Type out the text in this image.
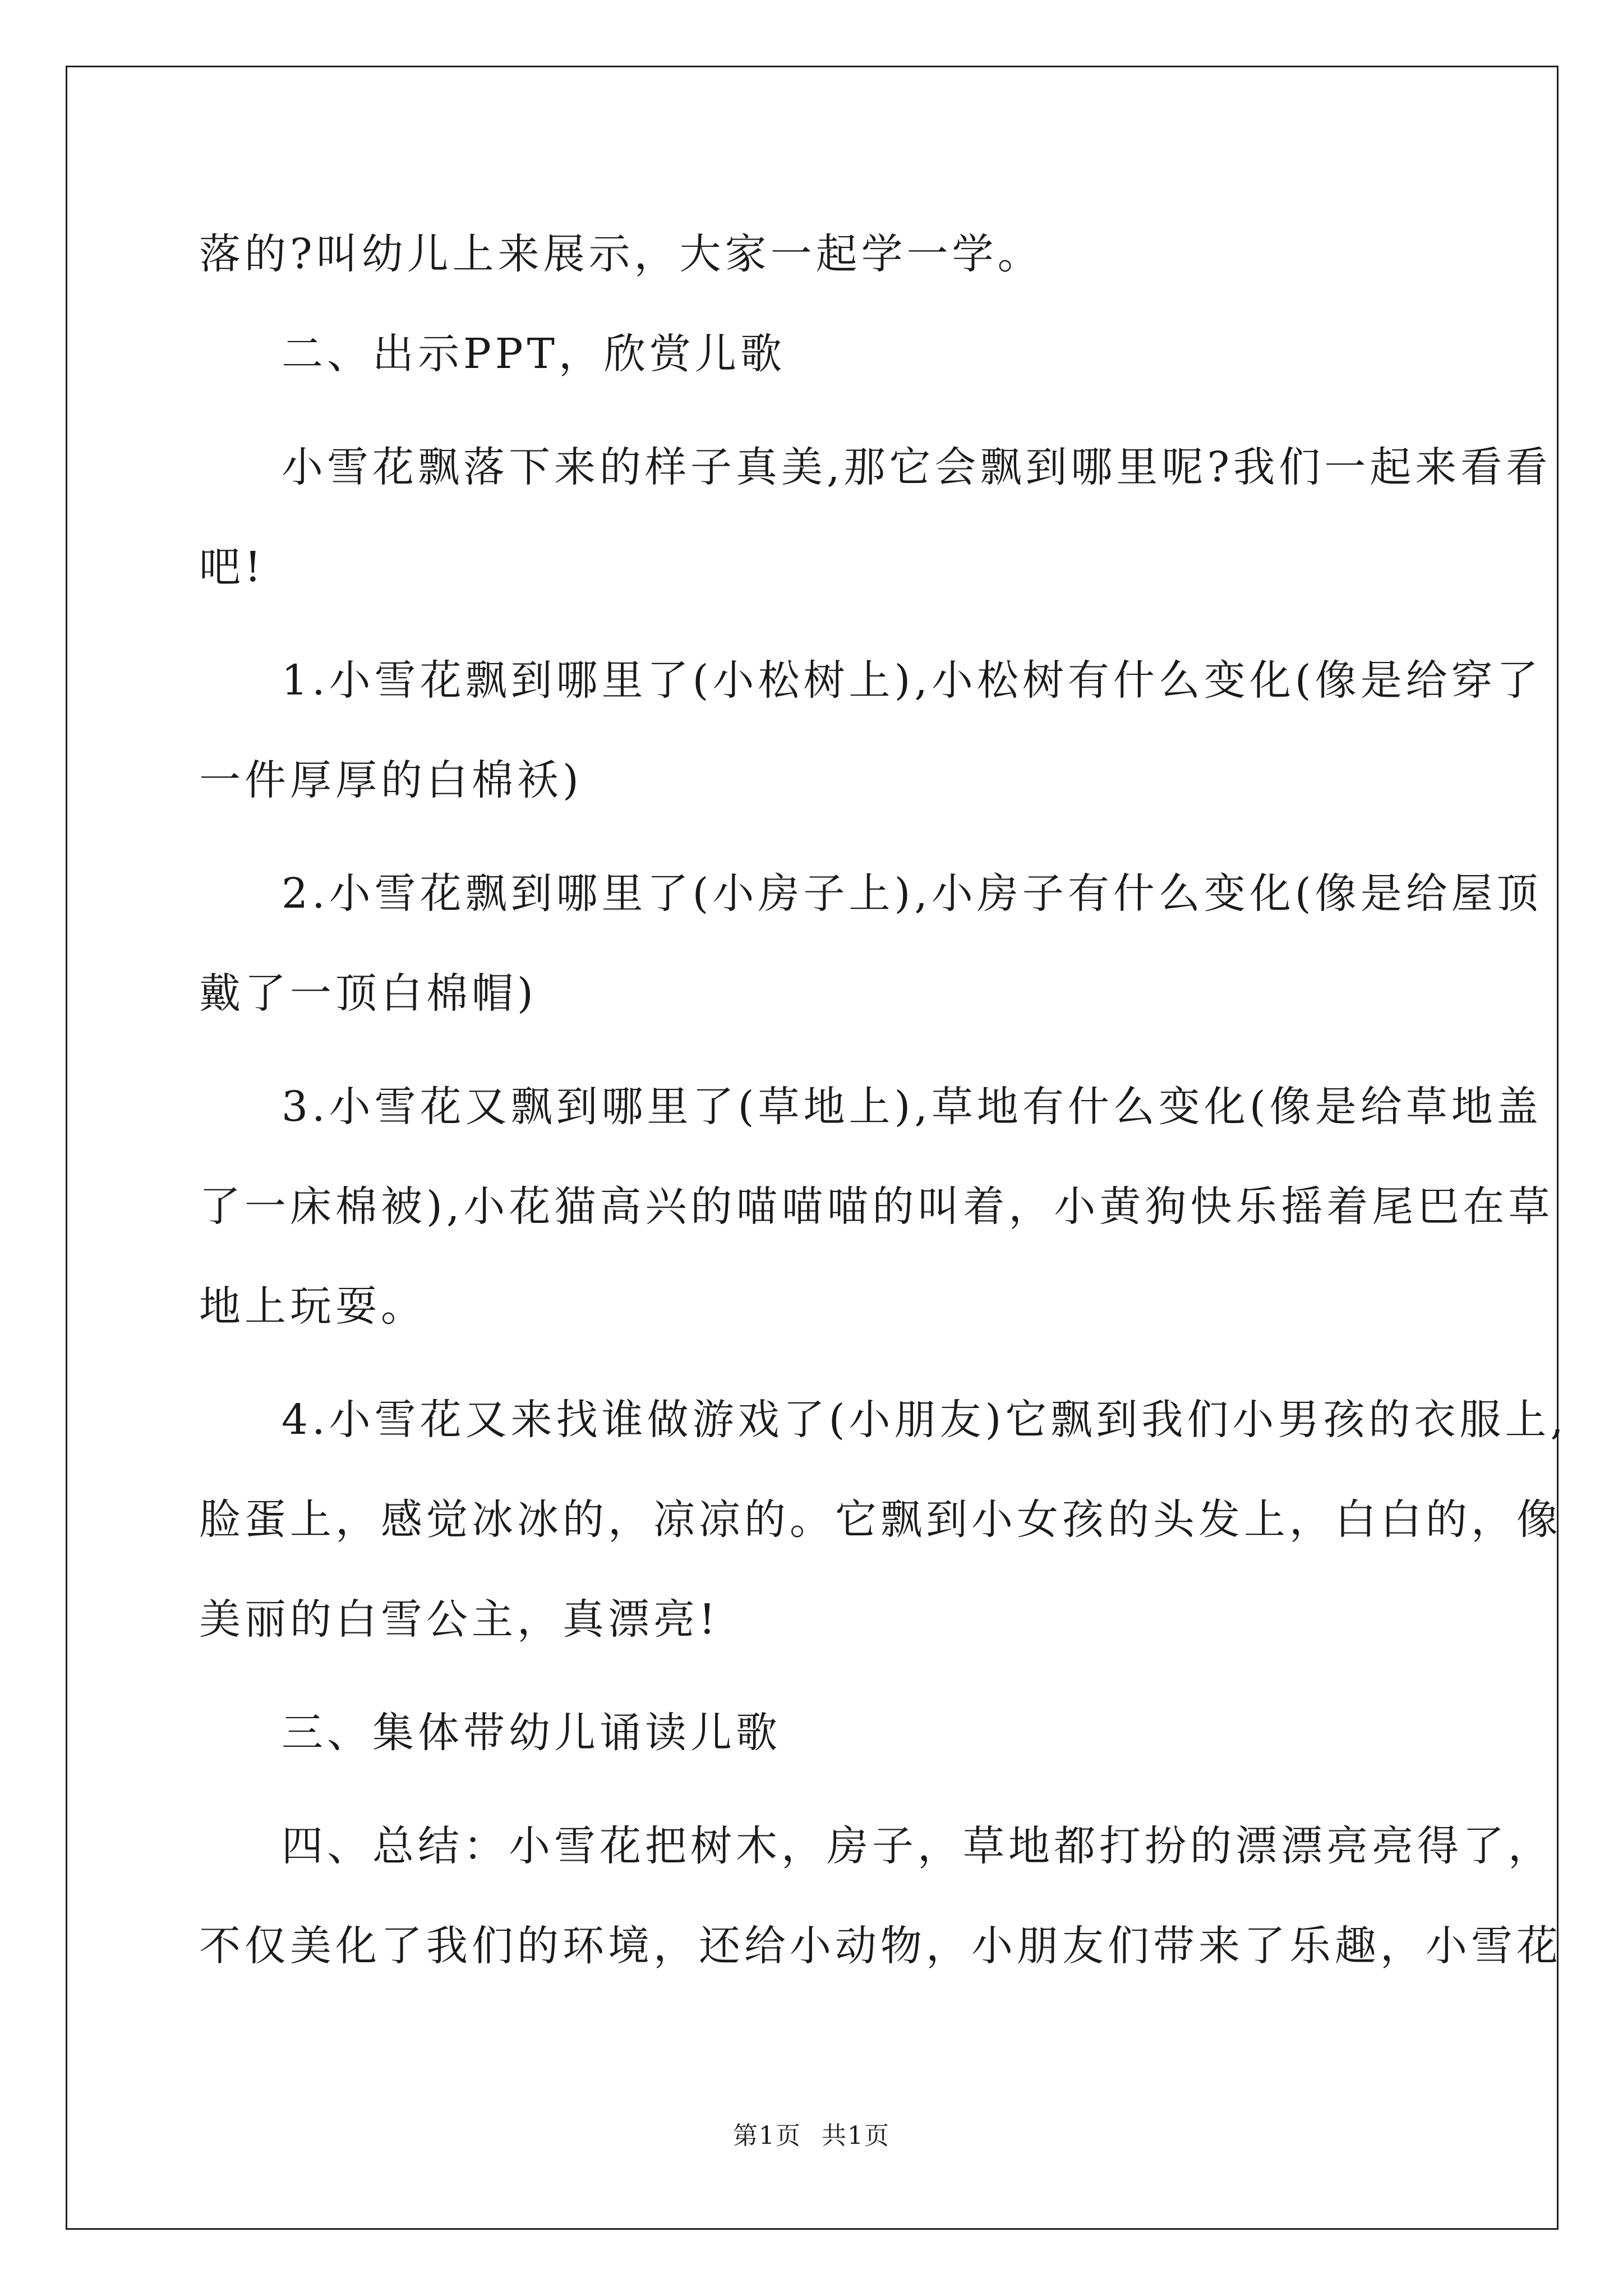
落的?叫幼儿上来展示，大家一起学一学。
二、出示PPT，欣赏儿歌
小雪花飘落下来的样子真美,那它会飘到哪里呢?我们一起来看看
吧!
1.小雪花飘到哪里了(小松树上),小松树有什么变化(像是给穿了
一件厚厚的白棉袄)
2.小雪花飘到哪里了(小房子上),小房子有什么变化(像是给屋顶
戴了一顶白棉帽)
3.小雪花又飘到哪里了(草地上),草地有什么变化(像是给草地盖
了一床棉被),小花猫高兴的喵喵喵的叫着，小黄狗快乐摇着尾巴在草
地上玩耍。
4.小雪花又来找谁做游戏了(小朋友)它飘到我们小男孩的衣服上,
脸蛋上，感觉冰冰的，凉凉的。它飘到小女孩的头发上，白白的，像
美丽的白雪公主，真漂亮!
三、集体带幼儿诵读儿歌
四、总结：小雪花把树木，房子，草地都打扮的漂漂亮亮得了，
不仅美化了我们的环境，还给小动物，小朋友们带来了乐趣，小雪花
第1页 共1页
